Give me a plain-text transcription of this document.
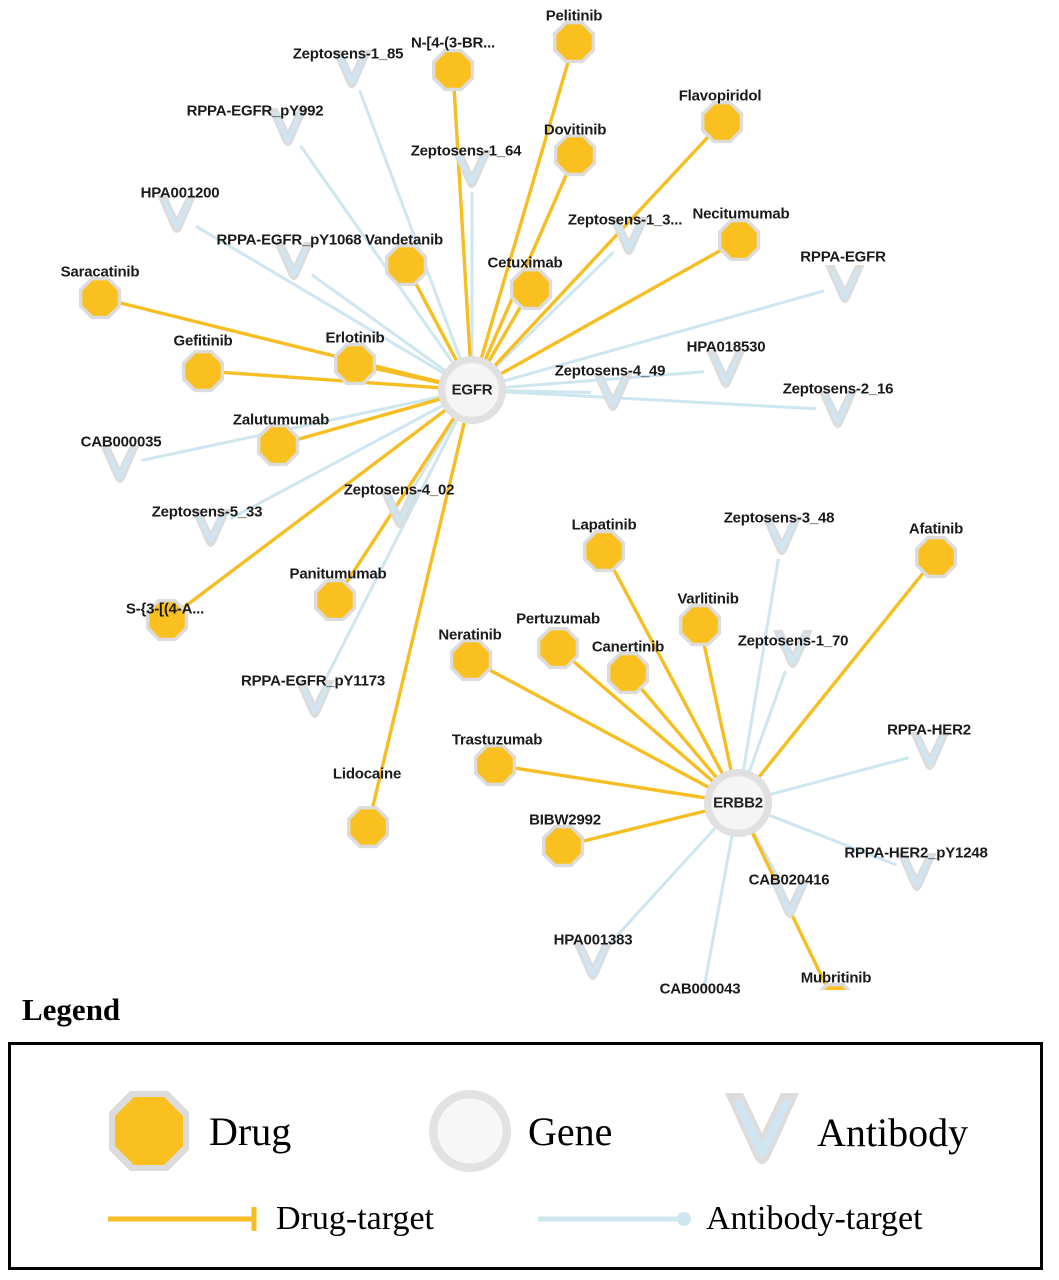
Pelitinib
N-[4-(3-BR...
Flavopiridol
Dovitinib
Necitumumab
Vandetanib
Cetuximab
Saracatinib
Erlotinib
Gefitinib
Zalutumumab
Lapatinib	Afatinib
Panitumumab
S-{3-[(4-A...
Varlitinib
Pertuzumab
Neratinib
Canertinib
Trastuzumab
Lidocaine
BIBW2992
Mubritinib
Zeptosens-1_85
RPPA-EGFR_pY992
Zeptosens-1_64
HPA001200
Zeptosens-1_3...
RPPA-EGFR_pY1068
RPPA-EGFR
HPA018530
Zeptosens-4_49
Zeptosens-2_16
CAB000035
Zeptosens-4_02
Zeptosens-5_33	Zeptosens-3_48
Zeptosens-1_70
RPPA-EGFR_pY1173
RPPA-HER2
RPPA-HER2_pY1248
CAB020416
HPA001383
CAB000043
EGFR
ERBB2
Legend
Drug	Gene	Antibody
Drug-target	Antibody-target
